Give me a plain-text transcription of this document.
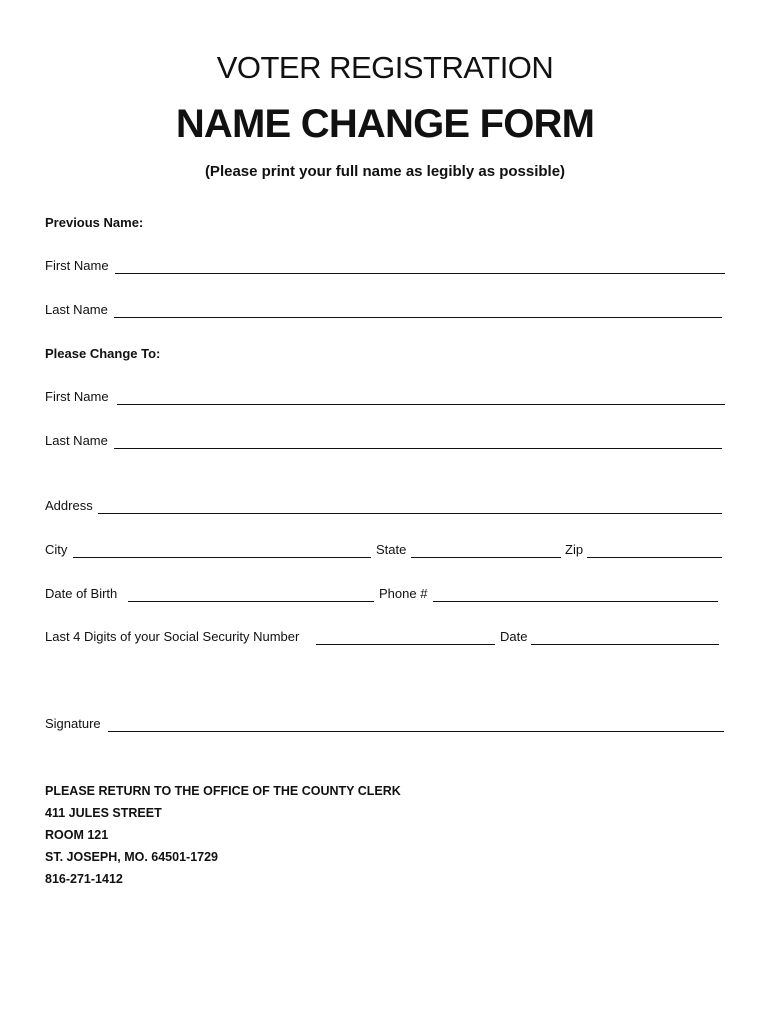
VOTER REGISTRATION
NAME CHANGE FORM
(Please print your full name as legibly as possible)
Previous Name:
First Name
Last Name
Please Change To:
First Name
Last Name
Address
City	State	Zip
Date of Birth	Phone #
Last 4 Digits of your Social Security Number	Date
Signature
PLEASE RETURN TO THE OFFICE OF THE COUNTY CLERK
411 JULES STREET
ROOM 121
ST. JOSEPH, MO. 64501-1729
816-271-1412
